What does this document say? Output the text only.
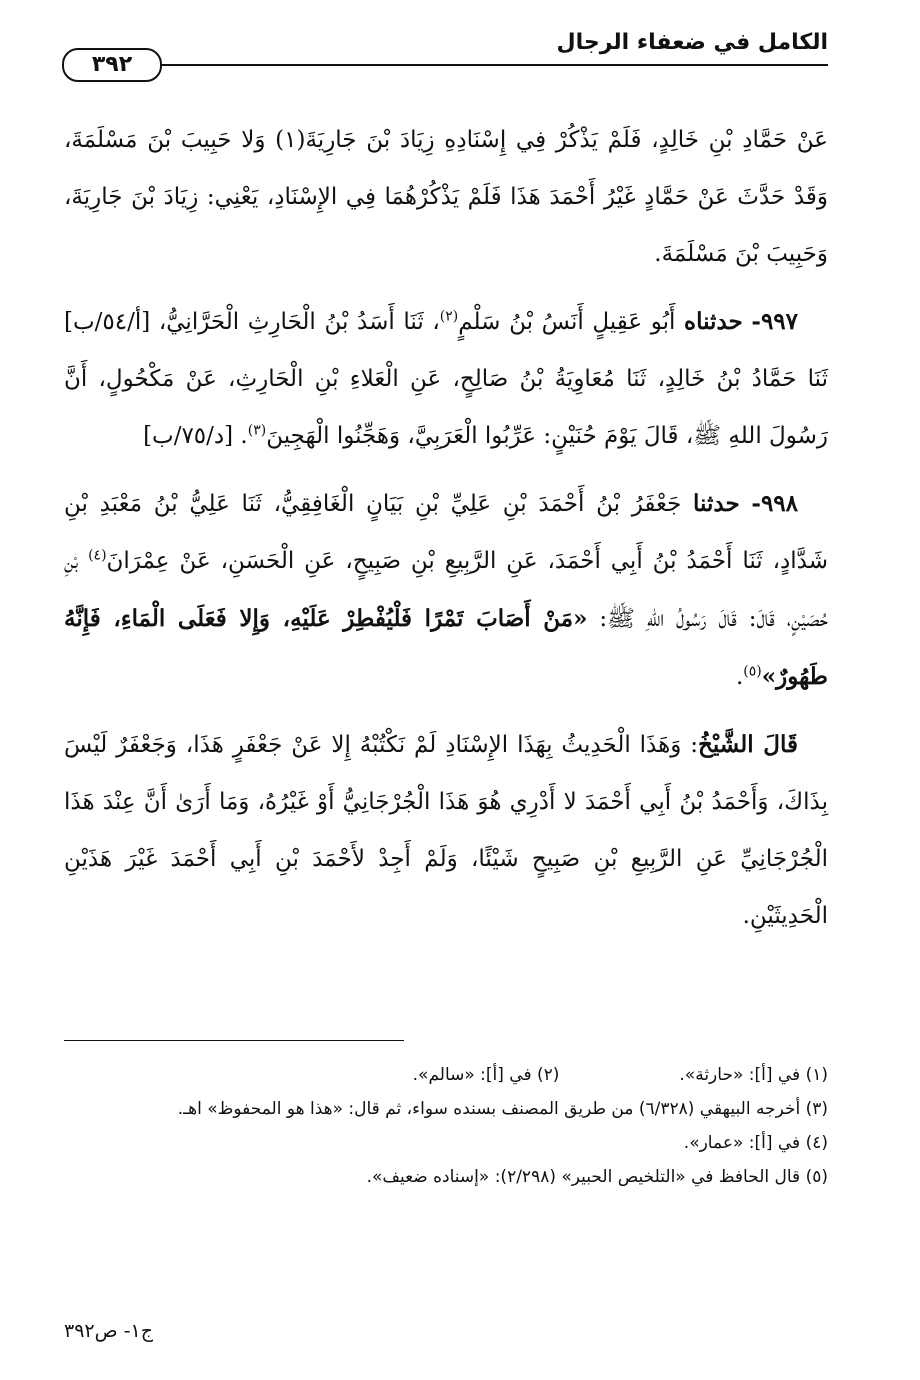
الكامل في ضعفاء الرجال
٣٩٢

عَنْ حَمَّادِ بْنِ خَالِدٍ، فَلَمْ يَذْكُرْ فِي إِسْنَادِهِ زِيَادَ بْنَ جَارِيَةَ(١) وَلا حَبِيبَ بْنَ مَسْلَمَةَ، وَقَدْ حَدَّثَ عَنْ حَمَّادٍ غَيْرُ أَحْمَدَ هَذَا فَلَمْ يَذْكُرْهُمَا فِي الإِسْنَادِ، يَعْنِي: زِيَادَ بْنَ جَارِيَةَ، وَحَبِيبَ بْنَ مَسْلَمَةَ.

٩٩٧- حدثناه أَبُو عَقِيلٍ أَنَسُ بْنُ سَلْمٍ$^{(٢)}$، ثَنَا أَسَدُ بْنُ الْحَارِثِ الْحَرَّانِيُّ، [أ/٥٤/ب] ثَنَا حَمَّادُ بْنُ خَالِدٍ، ثَنَا مُعَاوِيَةُ بْنُ صَالِحٍ، عَنِ الْعَلاءِ بْنِ الْحَارِثِ، عَنْ مَكْحُولٍ، أَنَّ رَسُولَ اللهِ ﷺ، قَالَ يَوْمَ حُنَيْنٍ: عَرِّبُوا الْعَرَبِيَّ، وَهَجِّنُوا الْهَجِينَ$^{(٣)}$. [د/٧٥/ب]

٩٩٨- حدثنا جَعْفَرُ بْنُ أَحْمَدَ بْنِ عَلِيِّ بْنِ بَيَانٍ الْغَافِقِيُّ، ثَنَا عَلِيُّ بْنُ مَعْبَدِ بْنِ شَدَّادٍ، ثَنَا أَحْمَدُ بْنُ أَبِي أَحْمَدَ، عَنِ الرَّبِيعِ بْنِ صَبِيحٍ، عَنِ الْحَسَنِ، عَنْ عِمْرَانَ$^{(٤)}$ بْنِ حُصَيْنٍ، قَالَ: قَالَ رَسُولُ اللهِ ﷺ: «مَنْ أَصَابَ تَمْرًا فَلْيُفْطِرْ عَلَيْهِ، وَإِلا فَعَلَى الْمَاءِ، فَإِنَّهُ طَهُورٌ»$^{(٥)}$.

قَالَ الشَّيْخُ: وَهَذَا الْحَدِيثُ بِهَذَا الإِسْنَادِ لَمْ نَكْتُبْهُ إِلا عَنْ جَعْفَرٍ هَذَا، وَجَعْفَرٌ لَيْسَ بِذَاكَ، وَأَحْمَدُ بْنُ أَبِي أَحْمَدَ لا أَدْرِي هُوَ هَذَا الْجُرْجَانِيُّ أَوْ غَيْرُهُ، وَمَا أَرَىٰ أَنَّ عِنْدَ هَذَا الْجُرْجَانِيِّ عَنِ الرَّبِيعِ بْنِ صَبِيحٍ شَيْئًا، وَلَمْ أَجِدْ لأَحْمَدَ بْنِ أَبِي أَحْمَدَ غَيْرَ هَذَيْنِ الْحَدِيثَيْنِ.

(١) في [أ]: «حارثة».

(٢) في [أ]: «سالم».

(٣) أخرجه البيهقي (٦/٣٢٨) من طريق المصنف بسنده سواء، ثم قال: «هذا هو المحفوظ» اهـ.

(٤) في [أ]: «عمار».

(٥) قال الحافظ في «التلخيص الحبير» (٢/٢٩٨): «إسناده ضعيف».

ج١- ص٣٩٢
